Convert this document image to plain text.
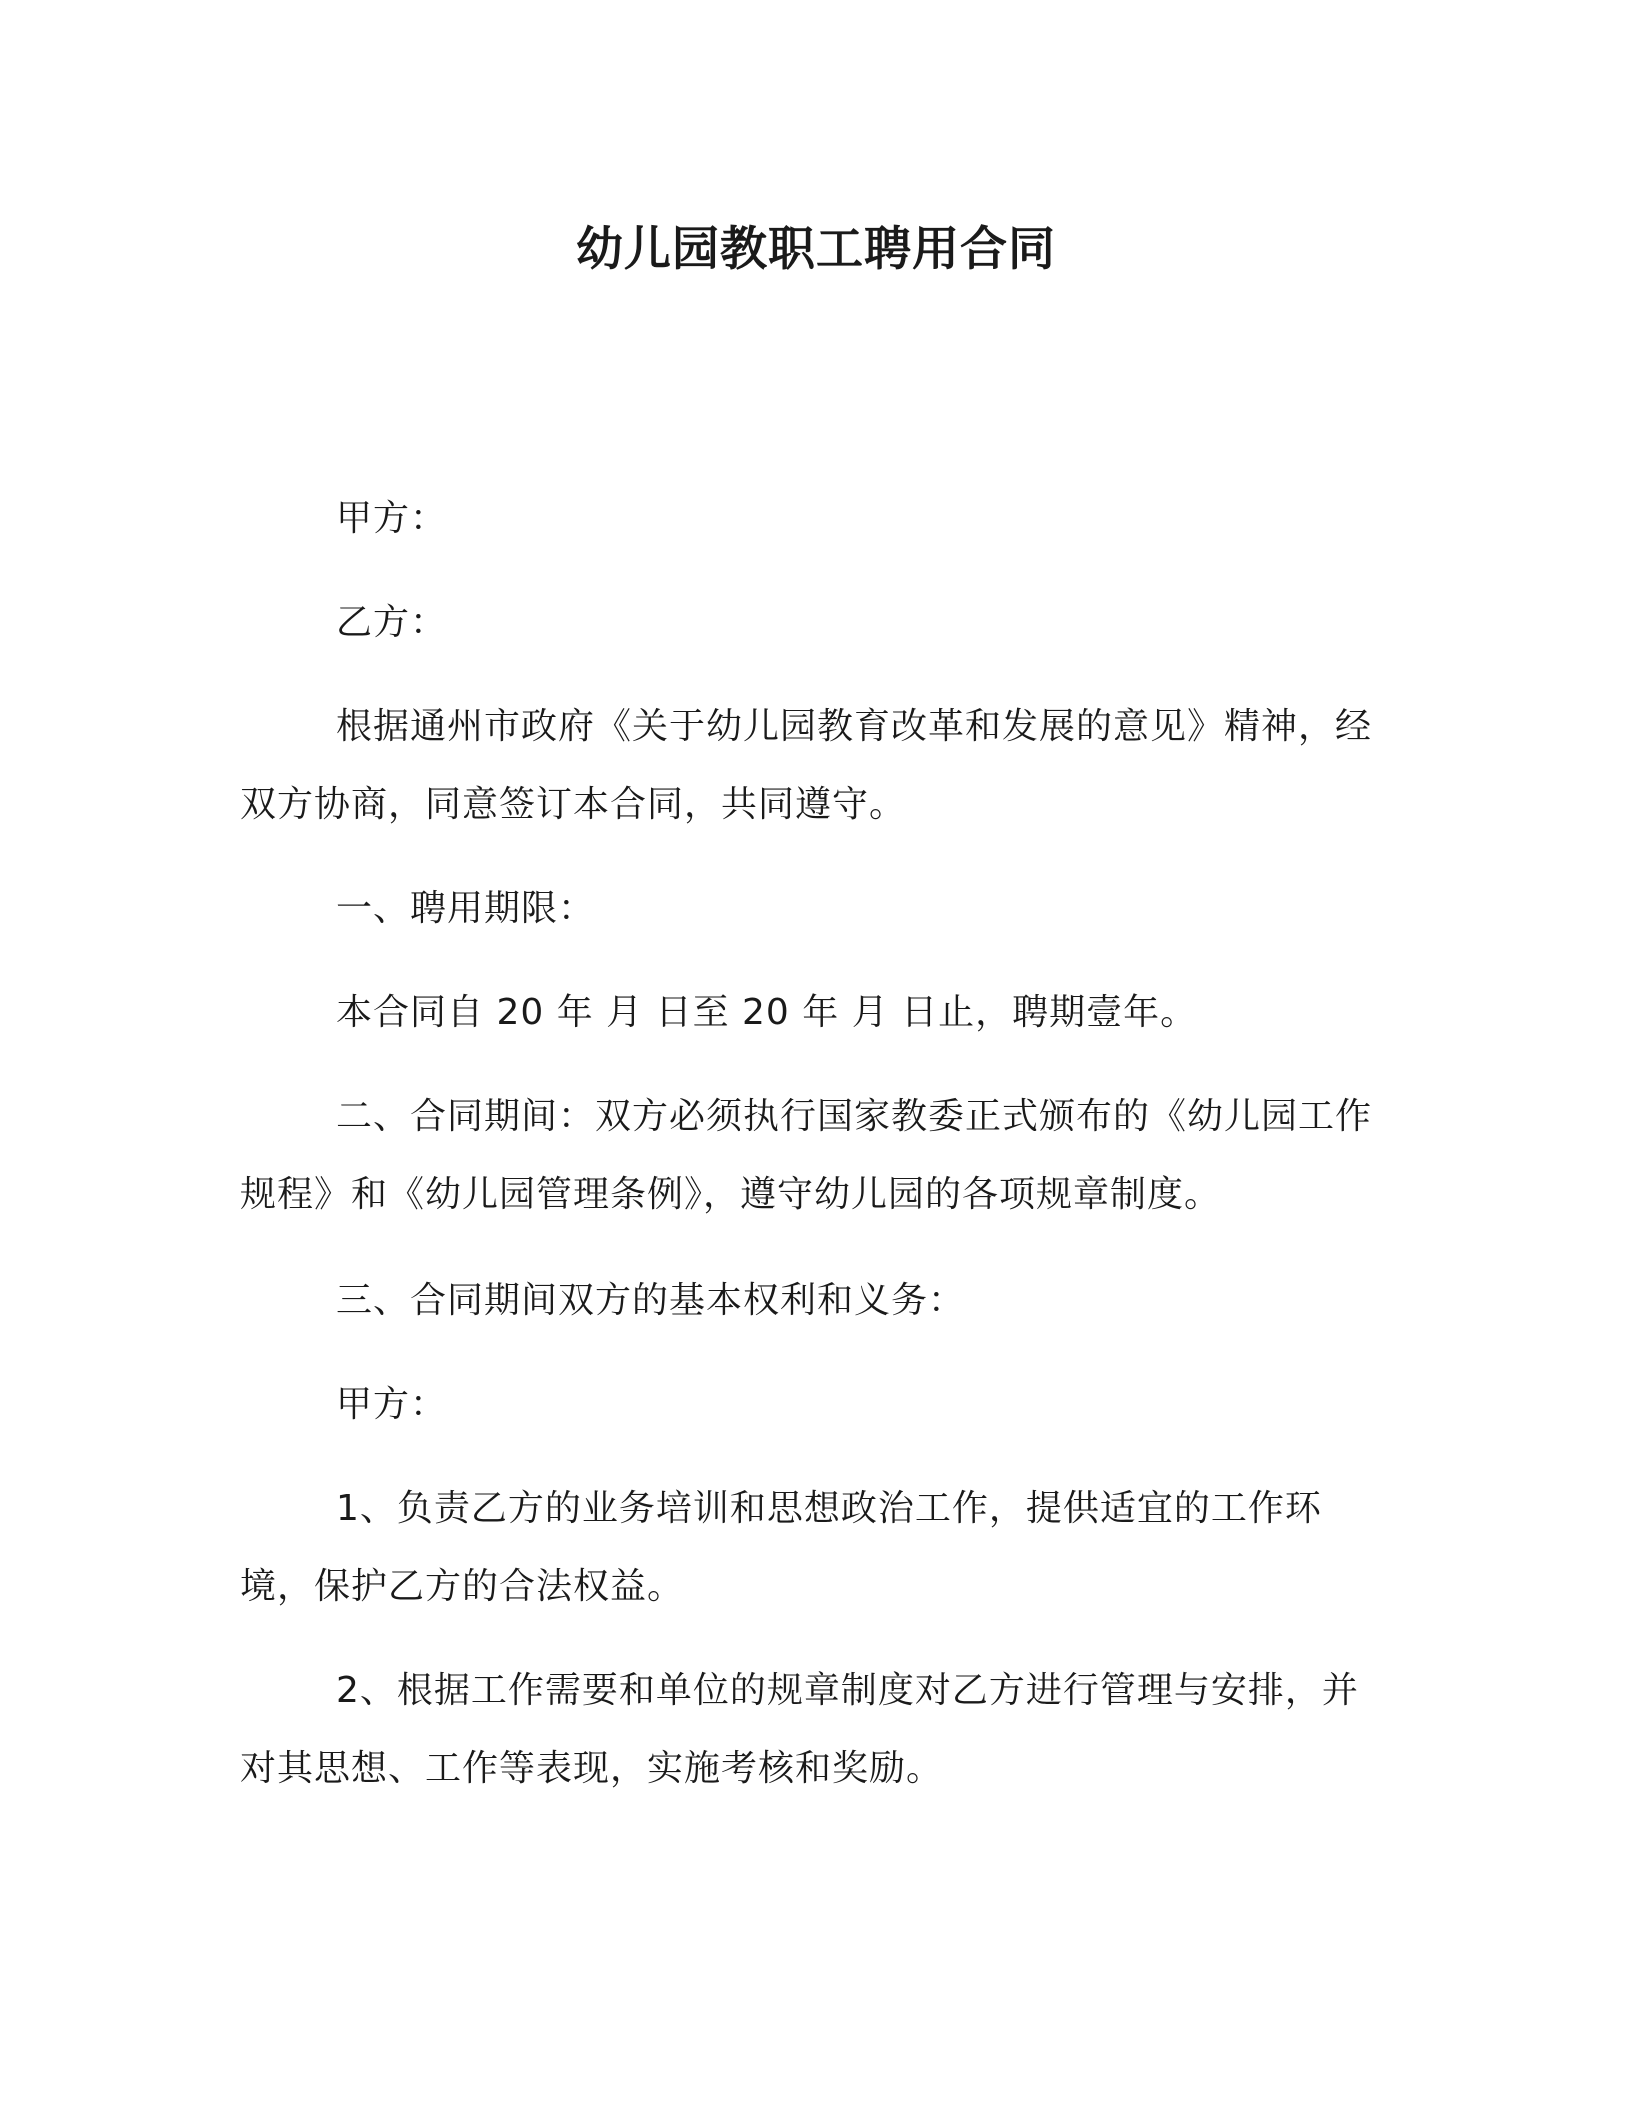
幼儿园教职工聘用合同

甲方：

乙方：

根据通州市政府《关于幼儿园教育改革和发展的意见》精神，经双方协商，同意签订本合同，共同遵守。

一、聘用期限：

本合同自 20 年 月 日至 20 年 月 日止，聘期壹年。

二、合同期间：双方必须执行国家教委正式颁布的《幼儿园工作规程》和《幼儿园管理条例》，遵守幼儿园的各项规章制度。

三、合同期间双方的基本权利和义务：

甲方：

1、负责乙方的业务培训和思想政治工作，提供适宜的工作环境，保护乙方的合法权益。

2、根据工作需要和单位的规章制度对乙方进行管理与安排，并对其思想、工作等表现，实施考核和奖励。
